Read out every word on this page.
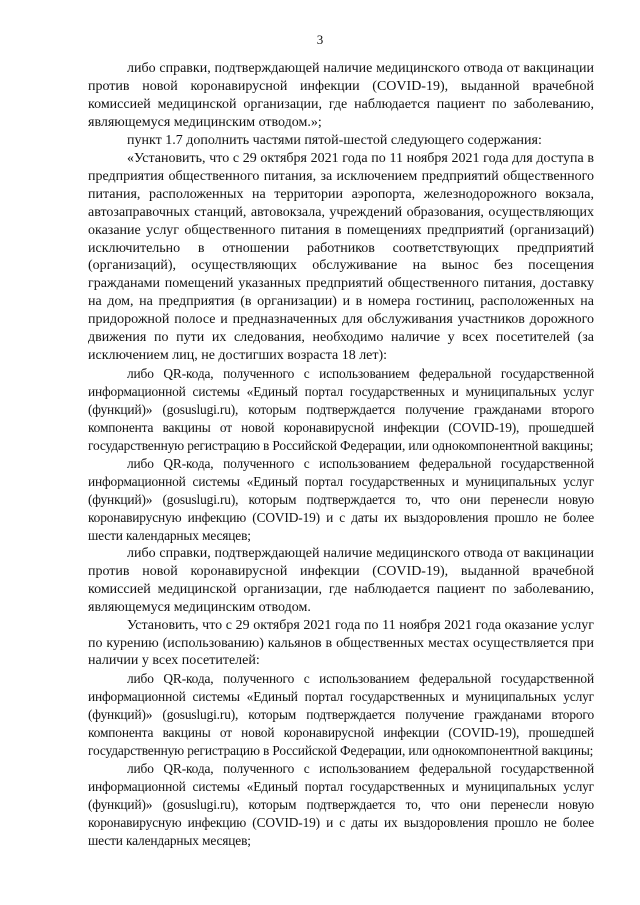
3

либо справки, подтверждающей наличие медицинского отвода от вакцинации против новой коронавирусной инфекции (COVID-19), выданной врачебной комиссией медицинской организации, где наблюдается пациент по заболеванию, являющемуся медицинским отводом.»;

пункт 1.7 дополнить частями пятой-шестой следующего содержания:

«Установить, что с 29 октября 2021 года по 11 ноября 2021 года для доступа в предприятия общественного питания, за исключением предприятий общественного питания, расположенных на территории аэропорта, железнодорожного вокзала, автозаправочных станций, автовокзала, учреждений образования, осуществляющих оказание услуг общественного питания в помещениях предприятий (организаций) исключительно в отношении работников соответствующих предприятий (организаций), осуществляющих обслуживание на вынос без посещения гражданами помещений указанных предприятий общественного питания, доставку на дом, на предприятия (в организации) и в номера гостиниц, расположенных на придорожной полосе и предназначенных для обслуживания участников дорожного движения по пути их следования, необходимо наличие у всех посетителей (за исключением лиц, не достигших возраста 18 лет):

либо QR-кода, полученного с использованием федеральной государственной информационной системы «Единый портал государственных и муниципальных услуг (функций)» (gosuslugi.ru), которым подтверждается получение гражданами второго компонента вакцины от новой коронавирусной инфекции (COVID-19), прошедшей государственную регистрацию в Российской Федерации, или однокомпонентной вакцины;

либо QR-кода, полученного с использованием федеральной государственной информационной системы «Единый портал государственных и муниципальных услуг (функций)» (gosuslugi.ru), которым подтверждается то, что они перенесли новую коронавирусную инфекцию (COVID-19) и с даты их выздоровления прошло не более шести календарных месяцев;

либо справки, подтверждающей наличие медицинского отвода от вакцинации против новой коронавирусной инфекции (COVID-19), выданной врачебной комиссией медицинской организации, где наблюдается пациент по заболеванию, являющемуся медицинским отводом.

Установить, что с 29 октября 2021 года по 11 ноября 2021 года оказание услуг по курению (использованию) кальянов в общественных местах осуществляется при наличии у всех посетителей:

либо QR-кода, полученного с использованием федеральной государственной информационной системы «Единый портал государственных и муниципальных услуг (функций)» (gosuslugi.ru), которым подтверждается получение гражданами второго компонента вакцины от новой коронавирусной инфекции (COVID-19), прошедшей государственную регистрацию в Российской Федерации, или однокомпонентной вакцины;

либо QR-кода, полученного с использованием федеральной государственной информационной системы «Единый портал государственных и муниципальных услуг (функций)» (gosuslugi.ru), которым подтверждается то, что они перенесли новую коронавирусную инфекцию (COVID-19) и с даты их выздоровления прошло не более шести календарных месяцев;
